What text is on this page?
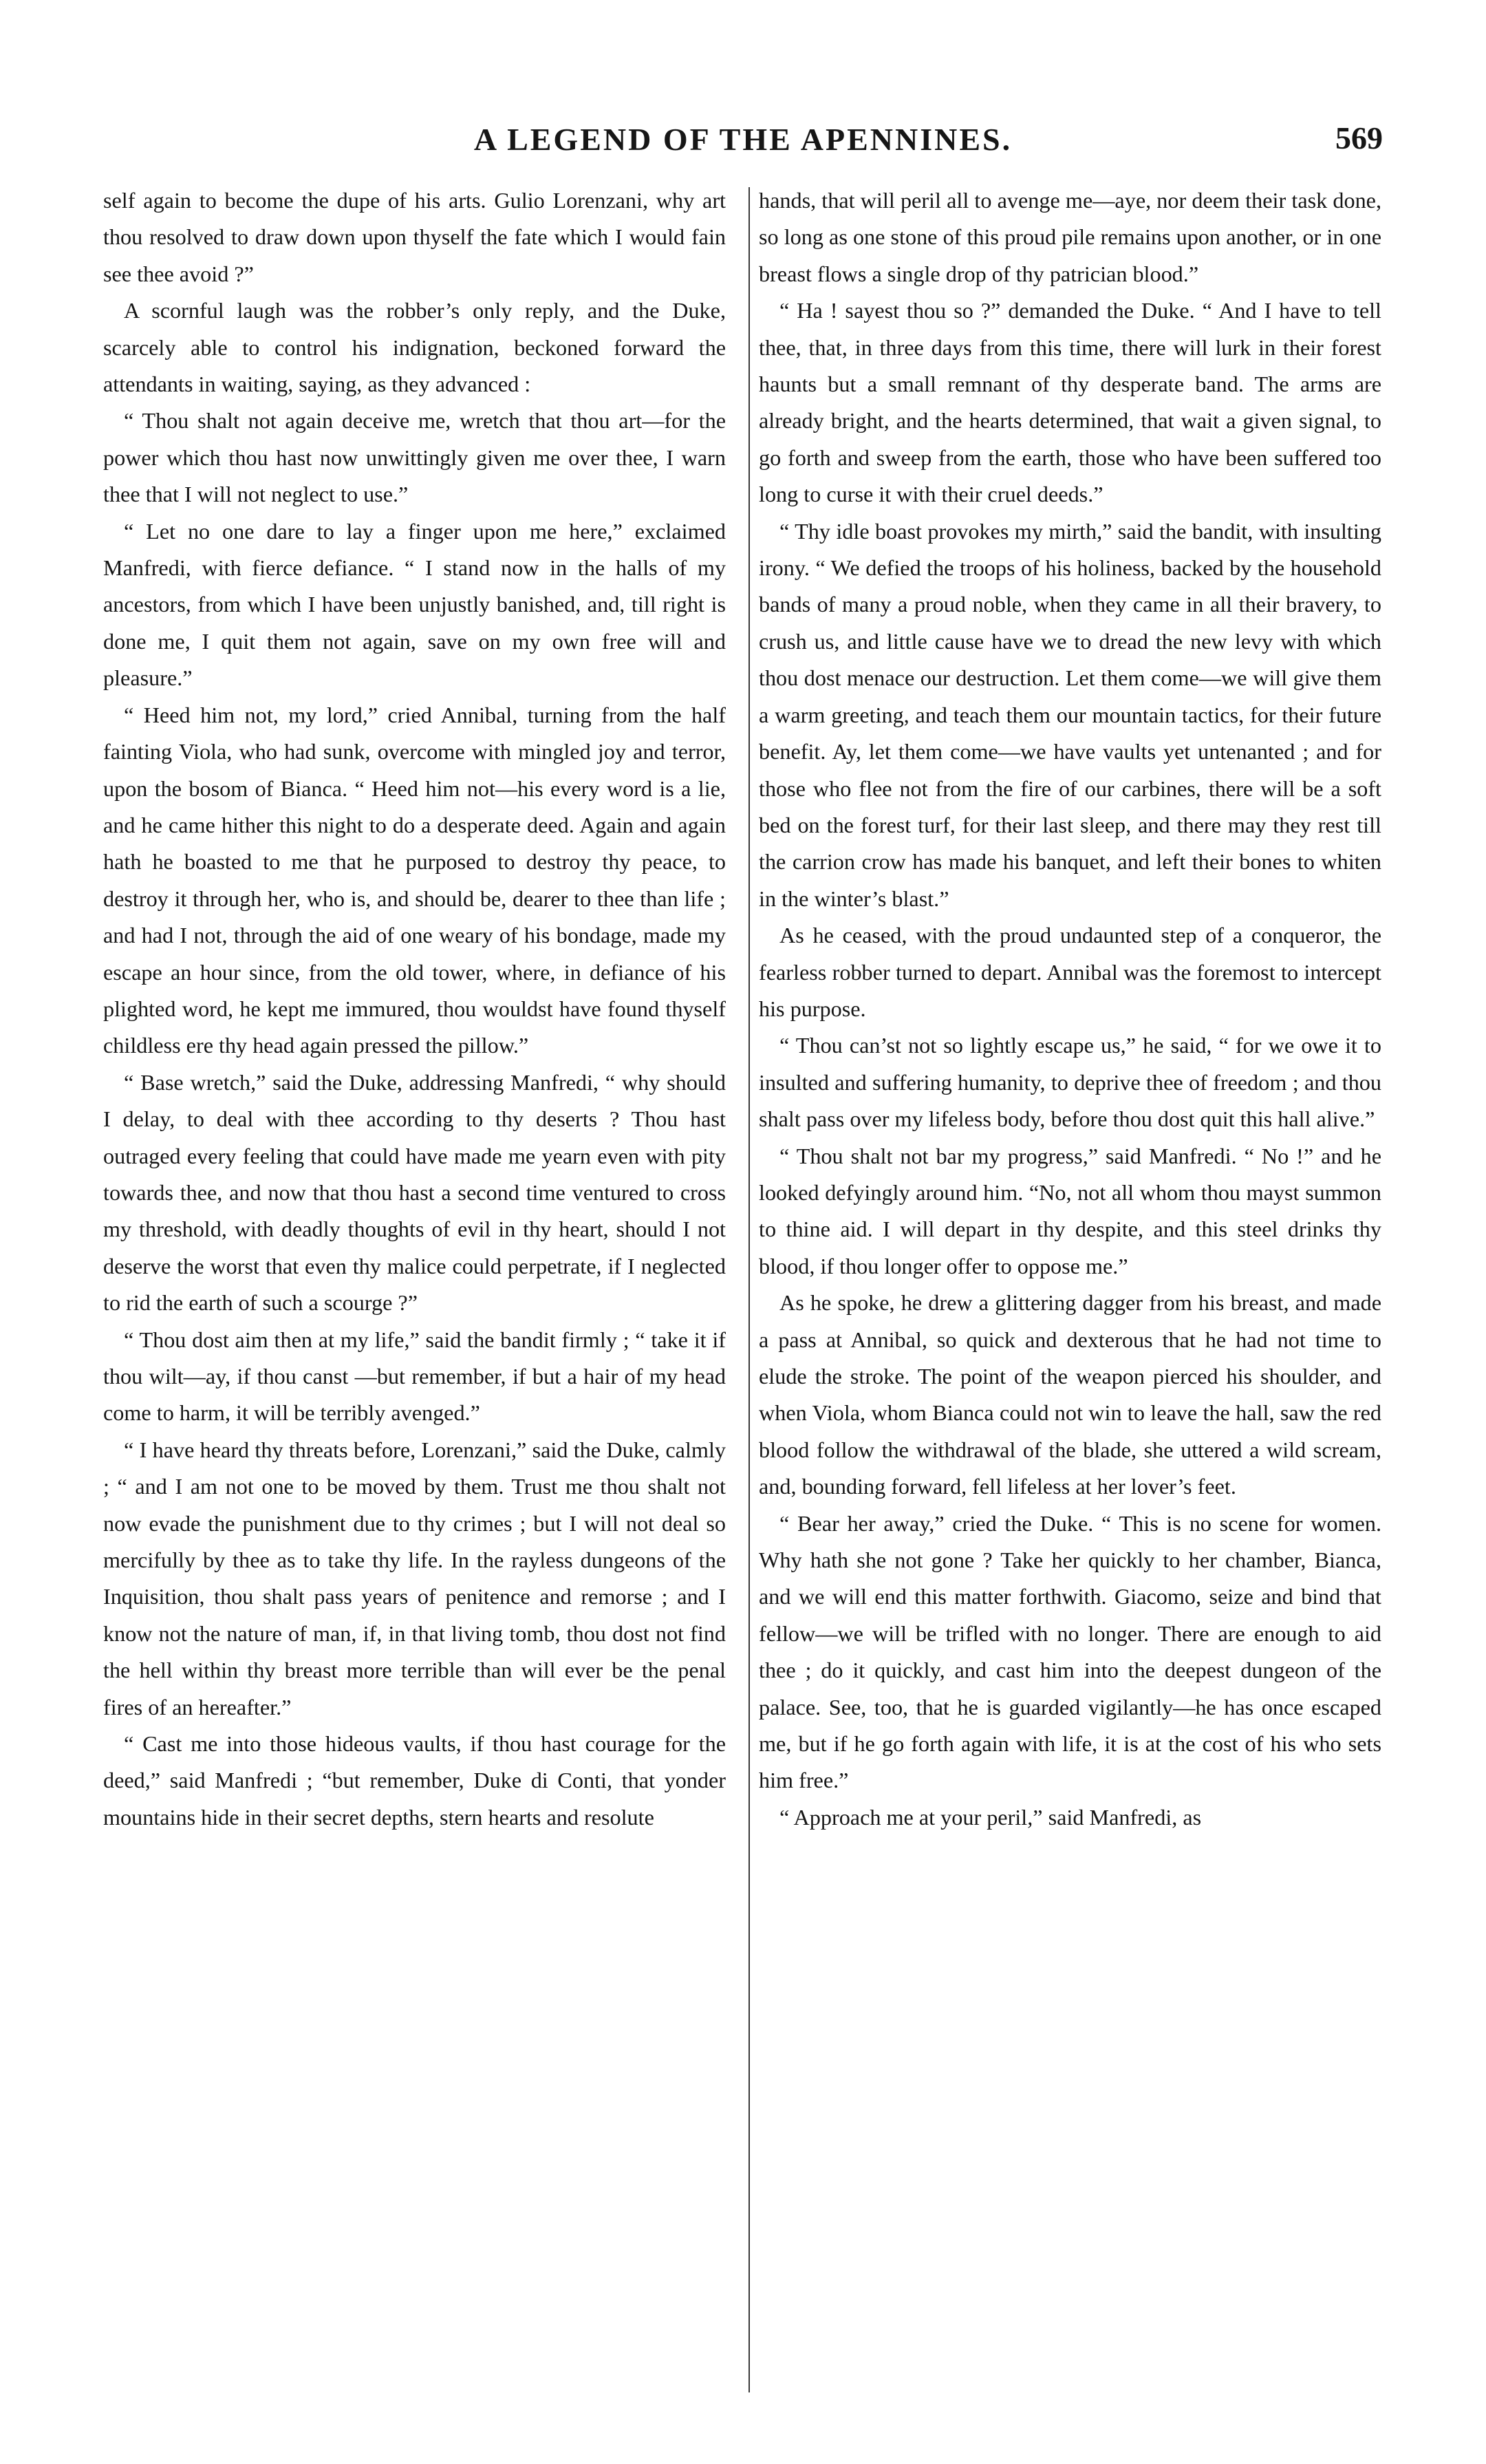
A LEGEND OF THE APENNINES.	569

self again to become the dupe of his arts. Gulio Lorenzani, why art thou resolved to draw down upon thyself the fate which I would fain see thee avoid ?”

A scornful laugh was the robber’s only reply, and the Duke, scarcely able to control his indignation, beckoned forward the attendants in waiting, saying, as they advanced :

“ Thou shalt not again deceive me, wretch that thou art—for the power which thou hast now unwittingly given me over thee, I warn thee that I will not neglect to use.”

“ Let no one dare to lay a finger upon me here,” exclaimed Manfredi, with fierce defiance. “ I stand now in the halls of my ancestors, from which I have been unjustly banished, and, till right is done me, I quit them not again, save on my own free will and pleasure.”

“ Heed him not, my lord,” cried Annibal, turning from the half fainting Viola, who had sunk, overcome with mingled joy and terror, upon the bosom of Bianca. “ Heed him not—his every word is a lie, and he came hither this night to do a desperate deed. Again and again hath he boasted to me that he purposed to destroy thy peace, to destroy it through her, who is, and should be, dearer to thee than life ; and had I not, through the aid of one weary of his bondage, made my escape an hour since, from the old tower, where, in defiance of his plighted word, he kept me immured, thou wouldst have found thyself childless ere thy head again pressed the pillow.”

“ Base wretch,” said the Duke, addressing Manfredi, “ why should I delay, to deal with thee according to thy deserts ? Thou hast outraged every feeling that could have made me yearn even with pity towards thee, and now that thou hast a second time ventured to cross my threshold, with deadly thoughts of evil in thy heart, should I not deserve the worst that even thy malice could perpetrate, if I neglected to rid the earth of such a scourge ?”

“ Thou dost aim then at my life,” said the bandit firmly ; “ take it if thou wilt—ay, if thou canst —but remember, if but a hair of my head come to harm, it will be terribly avenged.”

“ I have heard thy threats before, Lorenzani,” said the Duke, calmly ; “ and I am not one to be moved by them. Trust me thou shalt not now evade the punishment due to thy crimes ; but I will not deal so mercifully by thee as to take thy life. In the rayless dungeons of the Inquisition, thou shalt pass years of penitence and remorse ; and I know not the nature of man, if, in that living tomb, thou dost not find the hell within thy breast more terrible than will ever be the penal fires of an hereafter.”

“ Cast me into those hideous vaults, if thou hast courage for the deed,” said Manfredi ; “but remember, Duke di Conti, that yonder mountains hide in their secret depths, stern hearts and resolute

hands, that will peril all to avenge me—aye, nor deem their task done, so long as one stone of this proud pile remains upon another, or in one breast flows a single drop of thy patrician blood.”

“ Ha ! sayest thou so ?” demanded the Duke. “ And I have to tell thee, that, in three days from this time, there will lurk in their forest haunts but a small remnant of thy desperate band. The arms are already bright, and the hearts determined, that wait a given signal, to go forth and sweep from the earth, those who have been suffered too long to curse it with their cruel deeds.”

“ Thy idle boast provokes my mirth,” said the bandit, with insulting irony. “ We defied the troops of his holiness, backed by the household bands of many a proud noble, when they came in all their bravery, to crush us, and little cause have we to dread the new levy with which thou dost menace our destruction. Let them come—we will give them a warm greeting, and teach them our mountain tactics, for their future benefit. Ay, let them come—we have vaults yet untenanted ; and for those who flee not from the fire of our carbines, there will be a soft bed on the forest turf, for their last sleep, and there may they rest till the carrion crow has made his banquet, and left their bones to whiten in the winter’s blast.”

As he ceased, with the proud undaunted step of a conqueror, the fearless robber turned to depart. Annibal was the foremost to intercept his purpose.

“ Thou can’st not so lightly escape us,” he said, “ for we owe it to insulted and suffering humanity, to deprive thee of freedom ; and thou shalt pass over my lifeless body, before thou dost quit this hall alive.”

“ Thou shalt not bar my progress,” said Manfredi. “ No !” and he looked defyingly around him. “No, not all whom thou mayst summon to thine aid. I will depart in thy despite, and this steel drinks thy blood, if thou longer offer to oppose me.”

As he spoke, he drew a glittering dagger from his breast, and made a pass at Annibal, so quick and dexterous that he had not time to elude the stroke. The point of the weapon pierced his shoulder, and when Viola, whom Bianca could not win to leave the hall, saw the red blood follow the withdrawal of the blade, she uttered a wild scream, and, bounding forward, fell lifeless at her lover’s feet.

“ Bear her away,” cried the Duke. “ This is no scene for women. Why hath she not gone ? Take her quickly to her chamber, Bianca, and we will end this matter forthwith. Giacomo, seize and bind that fellow—we will be trifled with no longer. There are enough to aid thee ; do it quickly, and cast him into the deepest dungeon of the palace. See, too, that he is guarded vigilantly—he has once escaped me, but if he go forth again with life, it is at the cost of his who sets him free.”

“ Approach me at your peril,” said Manfredi, as
